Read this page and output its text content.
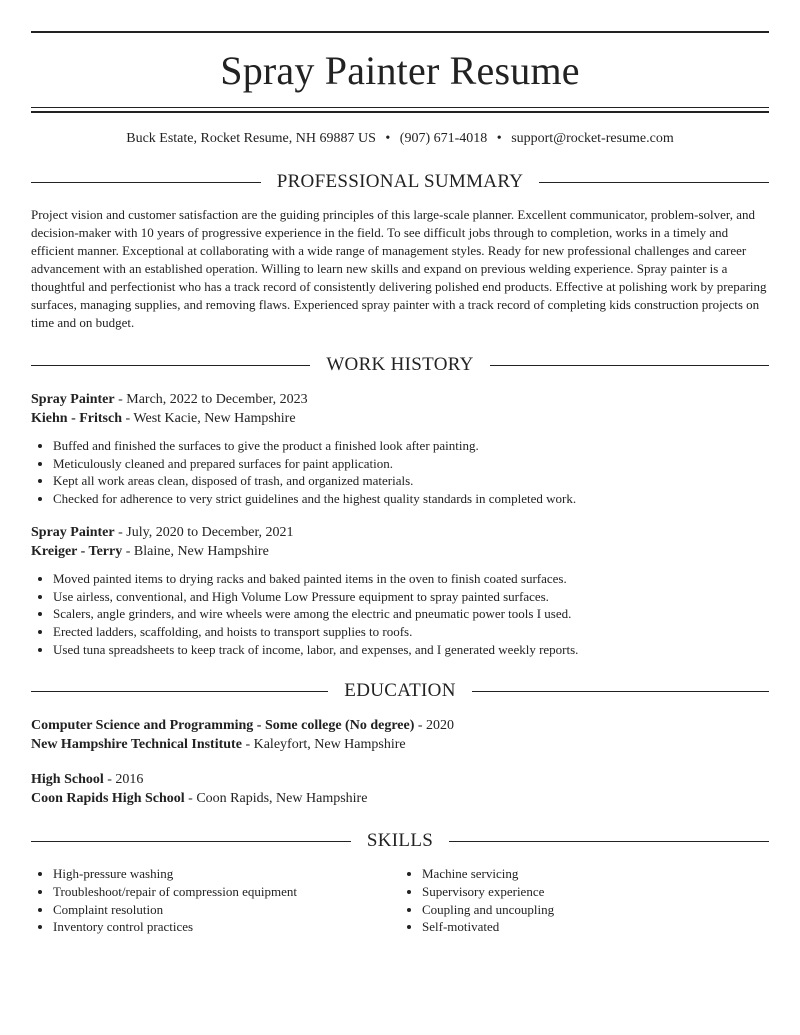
Spray Painter Resume
Buck Estate, Rocket Resume, NH 69887 US • (907) 671-4018 • support@rocket-resume.com
PROFESSIONAL SUMMARY
Project vision and customer satisfaction are the guiding principles of this large-scale planner. Excellent communicator, problem-solver, and decision-maker with 10 years of progressive experience in the field. To see difficult jobs through to completion, works in a timely and efficient manner. Exceptional at collaborating with a wide range of management styles. Ready for new professional challenges and career advancement with an established operation. Willing to learn new skills and expand on previous welding experience. Spray painter is a thoughtful and perfectionist who has a track record of consistently delivering polished end products. Effective at polishing work by preparing surfaces, managing supplies, and removing flaws. Experienced spray painter with a track record of completing kids construction projects on time and on budget.
WORK HISTORY
Spray Painter - March, 2022 to December, 2023
Kiehn - Fritsch - West Kacie, New Hampshire
• Buffed and finished the surfaces to give the product a finished look after painting.
• Meticulously cleaned and prepared surfaces for paint application.
• Kept all work areas clean, disposed of trash, and organized materials.
• Checked for adherence to very strict guidelines and the highest quality standards in completed work.
Spray Painter - July, 2020 to December, 2021
Kreiger - Terry - Blaine, New Hampshire
• Moved painted items to drying racks and baked painted items in the oven to finish coated surfaces.
• Use airless, conventional, and High Volume Low Pressure equipment to spray painted surfaces.
• Scalers, angle grinders, and wire wheels were among the electric and pneumatic power tools I used.
• Erected ladders, scaffolding, and hoists to transport supplies to roofs.
• Used tuna spreadsheets to keep track of income, labor, and expenses, and I generated weekly reports.
EDUCATION
Computer Science and Programming - Some college (No degree) - 2020
New Hampshire Technical Institute - Kaleyfort, New Hampshire
High School - 2016
Coon Rapids High School - Coon Rapids, New Hampshire
SKILLS
• High-pressure washing
• Troubleshoot/repair of compression equipment
• Complaint resolution
• Inventory control practices
• Machine servicing
• Supervisory experience
• Coupling and uncoupling
• Self-motivated
